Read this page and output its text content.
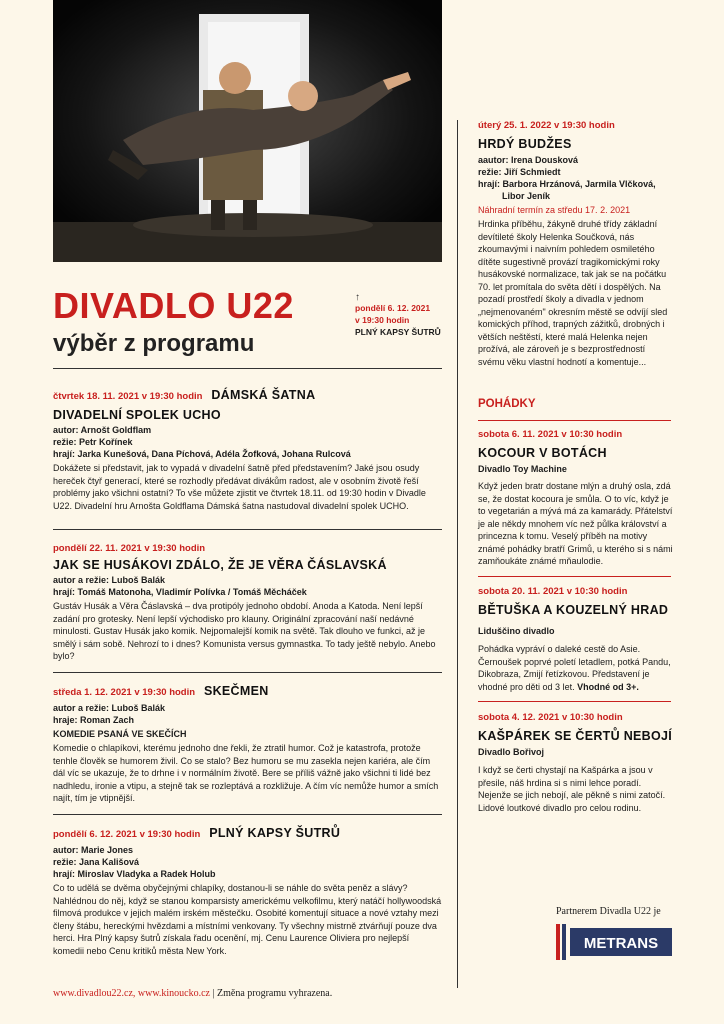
DIVADLO U22
výběr z programu
↑
pondělí 6. 12. 2021
v 19:30 hodin
PLNÝ KAPSY ŠUTRŮ
čtvrtek 18. 11. 2021 v 19:30 hodin DÁMSKÁ ŠATNA
DIVADELNÍ SPOLEK UCHO
autor: Arnošt Goldflam
režie: Petr Kořínek
hrají: Jarka Kunešová, Dana Píchová, Adéla Žofková, Johana Rulcová
Dokážete si představit, jak to vypadá v divadelní šatně před představením? Jaké jsou osudy hereček čtyř generací, které se rozhodly předávat divákům radost, ale v osobním životě řeší problémy jako všichni ostatní? To vše můžete zjistit ve čtvrtek 18.11. od 19:30 hodin v Divadle U22. Divadelní hru Arnošta Goldflama Dámská šatna nastudoval divadelní spolek UCHO.
pondělí 22. 11. 2021 v 19:30 hodin
JAK SE HUSÁKOVI ZDÁLO, ŽE JE VĚRA ČÁSLAVSKÁ
autor a režie: Luboš Balák
hrají: Tomáš Matonoha, Vladimír Polívka / Tomáš Měcháček
Gustáv Husák a Věra Čáslavská – dva protipóly jednoho období. Anoda a Katoda. Není lepší zadání pro grotesky. Není lepší východisko pro klauny. Originální zpracování naší nedávné minulosti. Gustav Husák jako komik. Nejpomalejší komik na světě. Tak dlouho ve funkci, až je smělý i sám sobě. Nehrozí to i dnes? Komunista versus gymnastka. To tady ještě nebylo. Anebo bylo?
středa 1. 12. 2021 v 19:30 hodin SKEČMEN
autor a režie: Luboš Balák
hraje: Roman Zach
KOMEDIE PSANÁ VE SKEČÍCH
Komedie o chlapíkovi, kterému jednoho dne řekli, že ztratil humor. Což je katastrofa, protože tenhle člověk se humorem živil. Co se stalo? Bez humoru se mu zasekla nejen kariéra, ale čím dál víc se ukazuje, že to drhne i v normálním životě. Bere se příliš vážně jako všichni ti lidé bez nadhledu, ironie a vtipu, a stejně tak se rozleptává a rozkližuje. A čím víc nemůže humor a smích najít, tím je vtipnější.
pondělí 6. 12. 2021 v 19:30 hodin PLNÝ KAPSY ŠUTRŮ
autor: Marie Jones
režie: Jana Kališová
hrají: Miroslav Vladyka a Radek Holub
Co to udělá se dvěma obyčejnými chlapíky, dostanou-li se náhle do světa peněz a slávy? Nahlédnou do něj, když se stanou komparsisty americkému velkofilmu, který natáčí hollywoodská filmová produkce v jejich malém irském městečku. Osobité komentují situace a nové vztahy mezi členy štábu, hereckými hvězdami a místními venkovany. Ty všechny mistrně ztvárňují pouze dva herci. Hra Plný kapsy šutrů získala řadu ocenění, mj. Cenu Laurence Oliviera pro nejlepší komedii nebo Cenu kritiků města New York.
úterý 25. 1. 2022 v 19:30 hodin
HRDÝ BUDŽES
aautor: Irena Dousková
režie: Jiří Schmiedt
hrají: Barbora Hrzánová, Jarmila Vlčková,
Libor Jeník
Náhradní termín za středu 17. 2. 2021
Hrdinka příběhu, žákyně druhé třídy základní devítileté školy Helenka Součková, nás zkoumavými i naivním pohledem osmiletého dítěte sugestivně provází tragikomickými roky husákovské normalizace, tak jak se na počátku 70. let promítala do světa dětí i dospělých. Na pozadí prostředí školy a divadla v jednom „nejmenovaném" okresním městě se odvíjí sled komických příhod, trapných zážitků, drobných i větších neštěstí, které malá Helenka nejen prožívá, ale zároveň je s bezprostředností svému věku vlastní hodnotí a komentuje...
POHÁDKY
sobota 6. 11. 2021 v 10:30 hodin
KOCOUR V BOTÁCH
Divadlo Toy Machine
Když jeden bratr dostane mlýn a druhý osla, zdá se, že dostat kocoura je smůla. O to víc, když je to vegetarián a mývá má za kamarády. Přátelství je ale někdy mnohem víc než půlka království a princezna k tomu. Veselý příběh na motivy známé pohádky bratří Grimů, u kterého si s námi zamňoukáte známé mňaulodie.
sobota 20. 11. 2021 v 10:30 hodin
BĚTUŠKA A KOUZELNÝ HRAD
Liduščino divadlo
Pohádka vypráví o daleké cestě do Asie. Černoušek poprvé poletí letadlem, potká Pandu, Dikobraza, Zmijí řetízkovou. Představení je vhodné pro děti od 3 let. Vhodné od 3+.
sobota 4. 12. 2021 v 10:30 hodin
KAŠPÁREK SE ČERTŮ NEBOJÍ
Divadlo Bořivoj
I když se čerti chystají na Kašpárka a jsou v přesile, náš hrdina si s nimi lehce poradí. Nejenže se jich nebojí, ale pěkně s nimi zatočí. Lidové loutkové divadlo pro celou rodinu.
Partnerem Divadla U22 je
METRANS
www.divadlou22.cz, www.kinoucko.cz | Změna programu vyhrazena.
